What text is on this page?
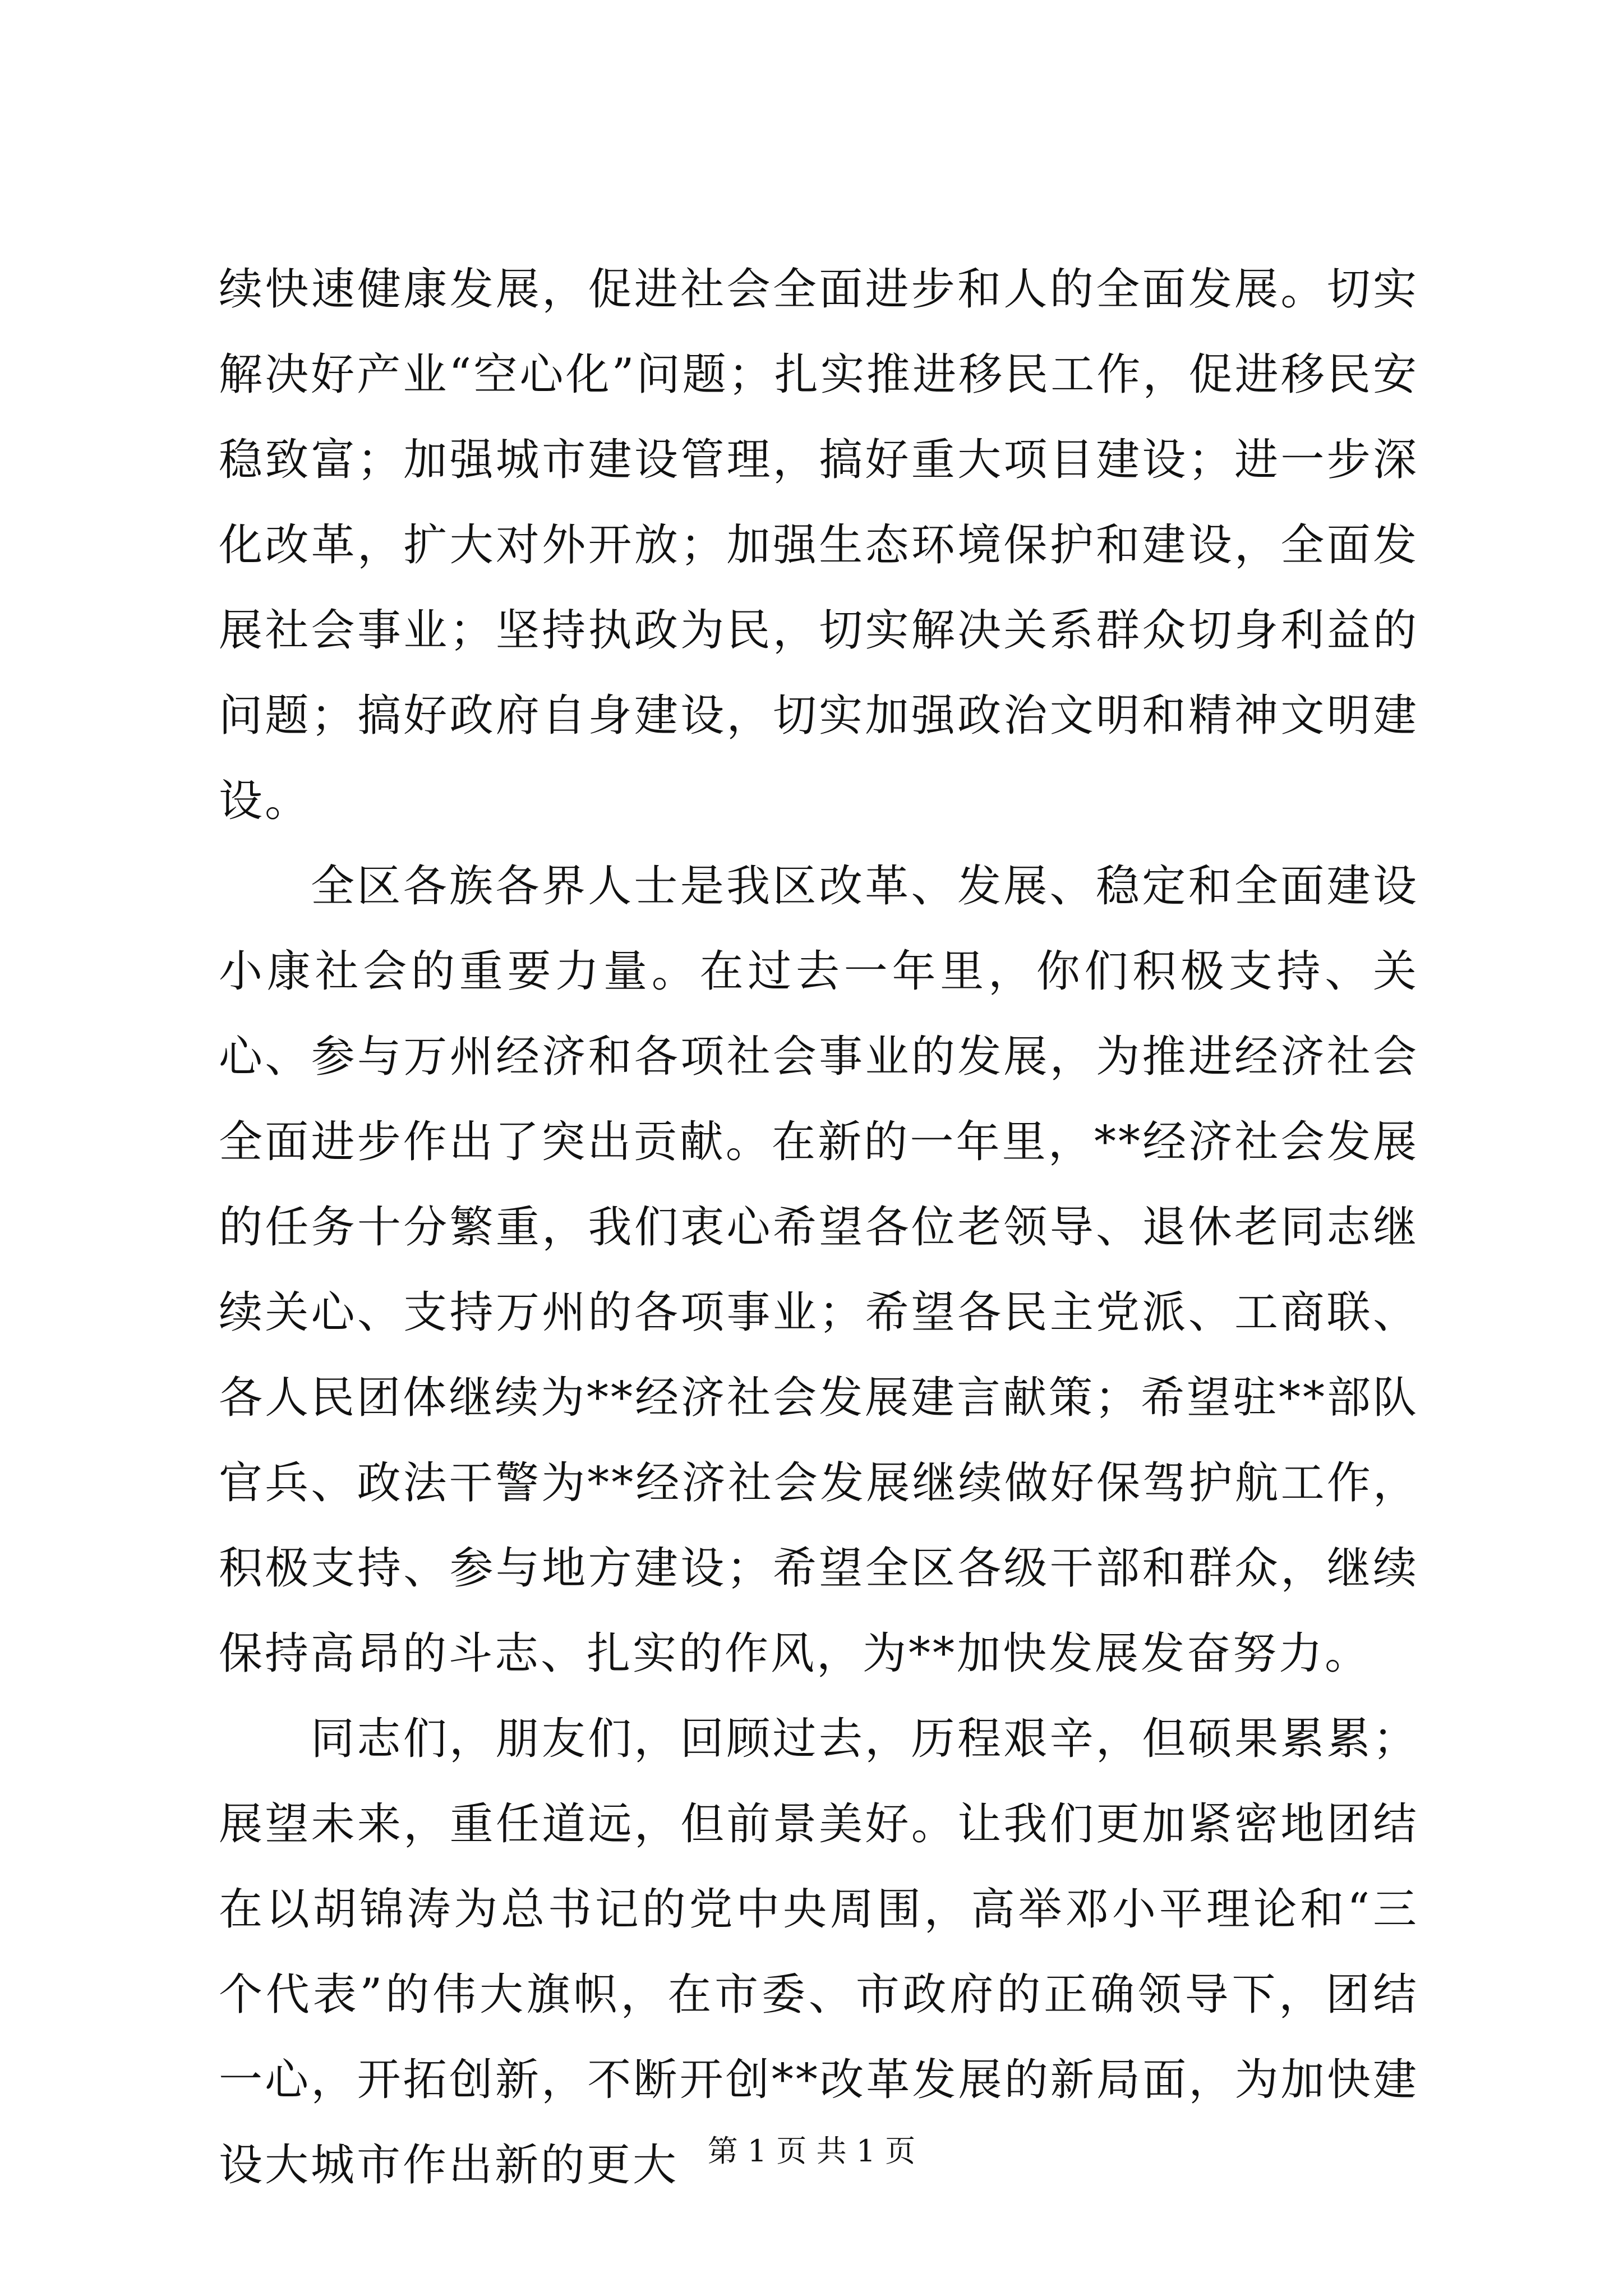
续快速健康发展，促进社会全面进步和人的全面发展。切实解决好产业“空心化”问题；扎实推进移民工作，促进移民安稳致富；加强城市建设管理，搞好重大项目建设；进一步深化改革，扩大对外开放；加强生态环境保护和建设，全面发展社会事业；坚持执政为民，切实解决关系群众切身利益的问题；搞好政府自身建设，切实加强政治文明和精神文明建设。

全区各族各界人士是我区改革、发展、稳定和全面建设小康社会的重要力量。在过去一年里，你们积极支持、关心、参与万州经济和各项社会事业的发展，为推进经济社会全面进步作出了突出贡献。在新的一年里，**经济社会发展的任务十分繁重，我们衷心希望各位老领导、退休老同志继续关心、支持万州的各项事业；希望各民主党派、工商联、各人民团体继续为**经济社会发展建言献策；希望驻**部队官兵、政法干警为**经济社会发展继续做好保驾护航工作，积极支持、参与地方建设；希望全区各级干部和群众，继续保持高昂的斗志、扎实的作风，为**加快发展发奋努力。

同志们，朋友们，回顾过去，历程艰辛，但硕果累累；展望未来，重任道远，但前景美好。让我们更加紧密地团结在以胡锦涛为总书记的党中央周围，高举邓小平理论和“三个代表”的伟大旗帜，在市委、市政府的正确领导下，团结一心，开拓创新，不断开创**改革发展的新局面，为加快建设大城市作出新的更大 第 1 页 共 1 页
